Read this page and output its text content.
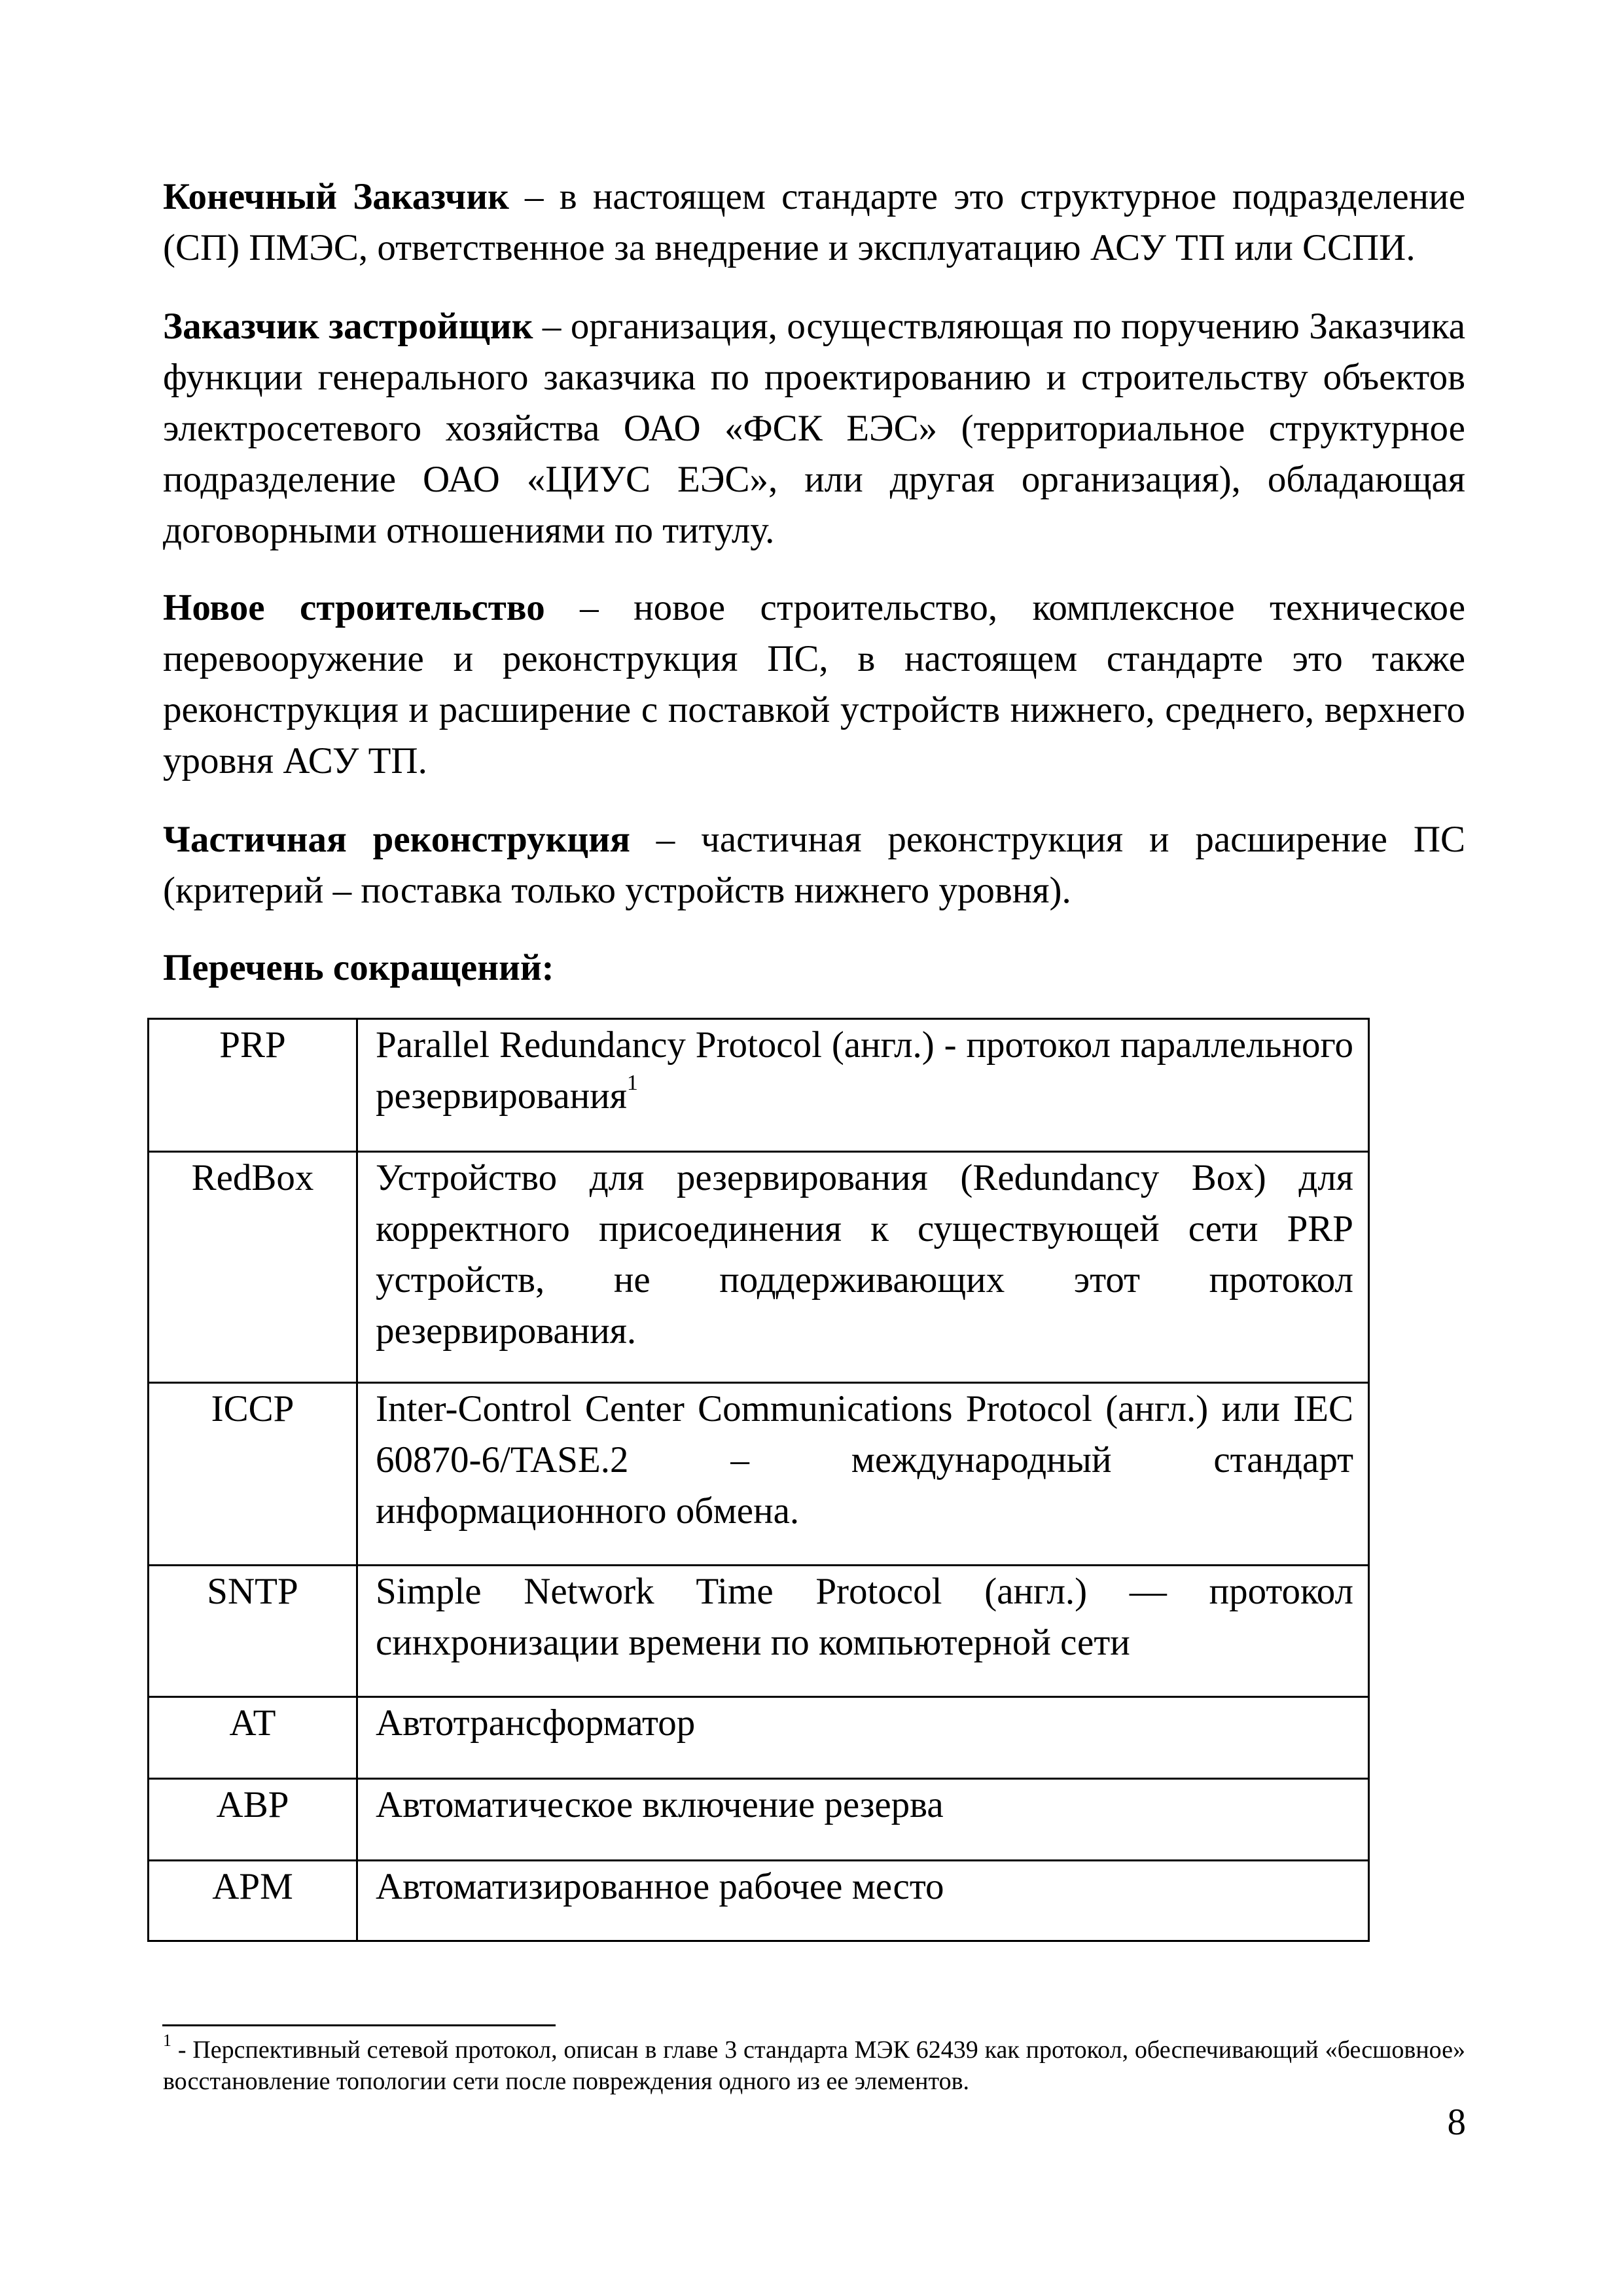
Конечный Заказчик – в настоящем стандарте это структурное подразделение (СП) ПМЭС, ответственное за внедрение и эксплуатацию АСУ ТП или ССПИ.

Заказчик застройщик – организация, осуществляющая по поручению Заказчика функции генерального заказчика по проектированию и строительству объектов электросетевого хозяйства ОАО «ФСК ЕЭС» (территориальное структурное подразделение ОАО «ЦИУС ЕЭС», или другая организация), обладающая договорными отношениями по титулу.

Новое строительство – новое строительство, комплексное техническое перевооружение и реконструкция ПС, в настоящем стандарте это также реконструкция и расширение с поставкой устройств нижнего, среднего, верхнего уровня АСУ ТП.

Частичная реконструкция – частичная реконструкция и расширение ПС (критерий – поставка только устройств нижнего уровня).

Перечень сокращений:

PRP	Parallel Redundancy Protocol (англ.) - протокол параллельного резервирования$^1$
RedBox	Устройство для резервирования (Redundancy Box) для корректного присоединения к существующей сети PRP устройств, не поддерживающих этот протокол резервирования.
ICCP	Inter-Control Center Communications Protocol (англ.) или IEC 60870-6/TASE.2 – международный стандарт информационного обмена.
SNTP	Simple Network Time Protocol (англ.) — протокол синхронизации времени по компьютерной сети
АТ	Автотрансформатор
АВР	Автоматическое включение резерва
АРМ	Автоматизированное рабочее место

$^1$ - Перспективный сетевой протокол, описан в главе 3 стандарта МЭК 62439 как протокол, обеспечивающий «бесшовное» восстановление топологии сети после повреждения одного из ее элементов.

8
